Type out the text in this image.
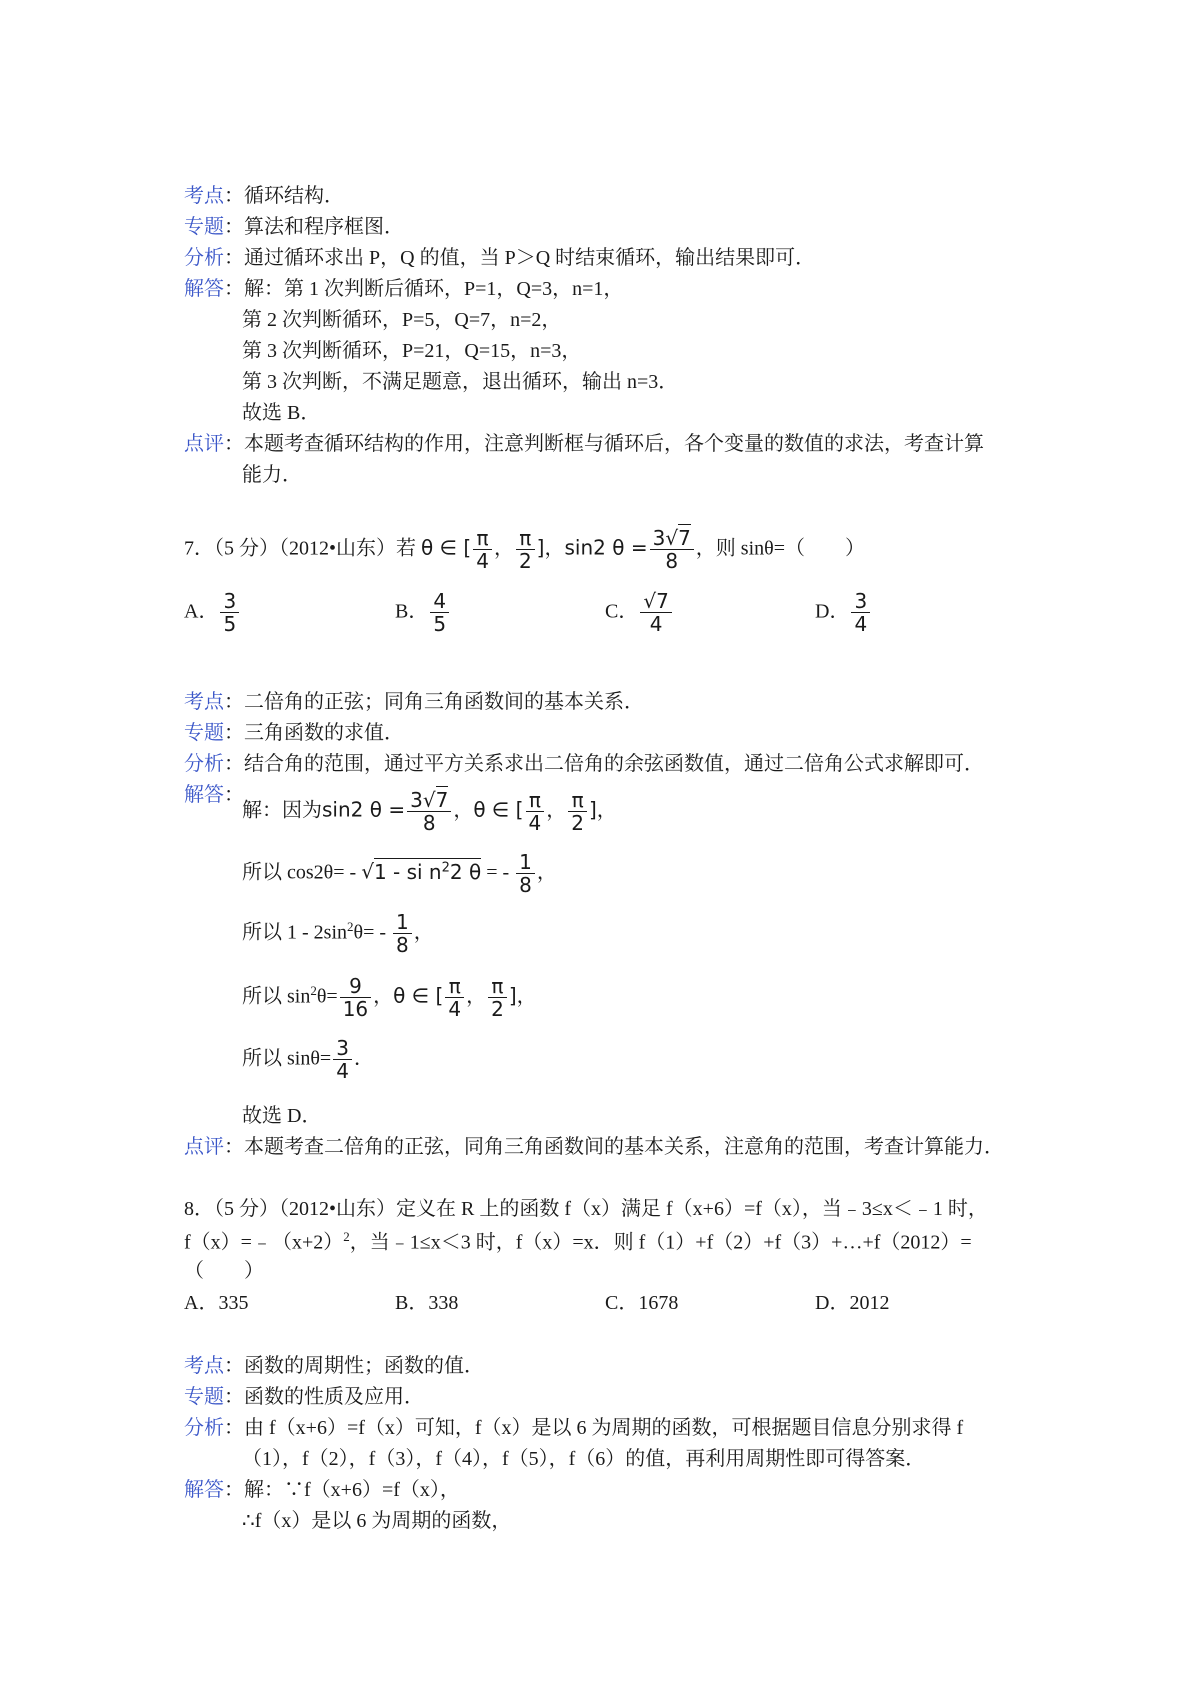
考点：循环结构．
专题：算法和程序框图．
分析：通过循环求出 P，Q 的值，当 P＞Q 时结束循环，输出结果即可．
解答：解：第 1 次判断后循环，P=1，Q=3，n=1，
第 2 次判断循环，P=5，Q=7，n=2，
第 3 次判断循环，P=21，Q=15，n=3，
第 3 次判断，不满足题意，退出循环，输出 n=3．
故选 B．
点评：本题考查循环结构的作用，注意判断框与循环后，各个变量的数值的求法，考查计算
能力．
7．（5 分）（2012•山东）若 θ ∈ [ $\frac{\pi}{4}$ ， $\frac{\pi}{2}$ ]，sin2 $\theta = \frac{3√7}{8}$ ，则 sinθ=（　　）
A． $\frac{3}{5}$	B． $\frac{4}{5}$	C． $\frac{√7}{4}$	D． $\frac{3}{4}$
考点：二倍角的正弦；同角三角函数间的基本关系．
专题：三角函数的求值．
分析：结合角的范围，通过平方关系求出二倍角的余弦函数值，通过二倍角公式求解即可．
解答：
解：因为sin2 $\theta = \frac{3√7}{8}$ ，θ ∈ [ $\frac{\pi}{4}$ ， $\frac{\pi}{2}$ ]，
所以 cos2θ= - √1 - si $n^22$ θ = - $\frac{1}{8}$ ，
所以 $1 - 2\sin^2\theta= - \frac{1}{8}$ ，
所以 $\sin^2\theta= \frac{9}{16}$ ，θ ∈ [ $\frac{\pi}{4}$ ， $\frac{\pi}{2}$ ]，
所以 $\sin\theta= \frac{3}{4}$ ．
故选 D．
点评：本题考查二倍角的正弦，同角三角函数间的基本关系，注意角的范围，考查计算能力．
8．（5 分）（2012•山东）定义在 R 上的函数 f（x）满足 f（x+6）=f（x），当﹣3≤x＜﹣1 时，
$f(x)=﹣(x+2)^2$，当﹣1≤x＜3 时，f（x）=x．则 f（1）+f（2）+f（3）+…+f（2012）=
（　　）
A．335	B．338	C．1678	D．2012
考点：函数的周期性；函数的值．
专题：函数的性质及应用．
分析：由 f（x+6）=f（x）可知，f（x）是以 6 为周期的函数，可根据题目信息分别求得 f
（1），f（2），f（3），f（4），f（5），f（6）的值，再利用周期性即可得答案．
解答：解：∵f（x+6）=f（x），
∴f（x）是以 6 为周期的函数，
